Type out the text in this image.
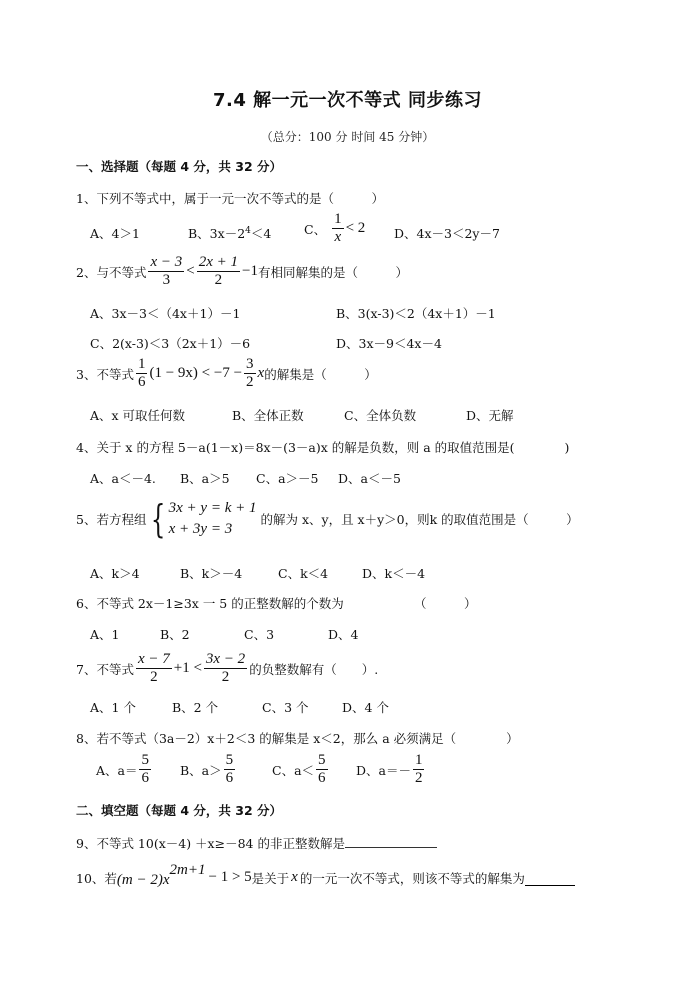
7.4 解一元一次不等式 同步练习
（总分：100 分 时间 45 分钟）
一、选择题（每题 4 分，共 32 分）
1、下列不等式中，属于一元一次不等式的是（　　　）
A、4＞1	B、$3x-2^4<4$	C、 $\frac{1}{x} < 2$ D、4x－3＜2y－7
2、与不等式 $\frac{x - 3}{3} < \frac{2x + 1}{2} -1$ 有相同解集的是（　　　）
A、3x－3＜（4x＋1）－1	B、3(x-3)＜2（4x＋1）－1
C、2(x-3)＜3（2x＋1）－6	D、3x－9＜4x－4
3、不等式 $\frac{1}{6} (1 - 9x) < -7 - \frac{3}{2}$ x 的解集是（　　　）
A、x 可取任何数	B、全体正数	C、全体负数	D、无解
4、关于 x 的方程 5－a(1－x)＝8x－(3－a)x 的解是负数，则 a 的取值范围是(　　　　)
A、a＜－4. B、a＞5 C、a＞－5 D、a＜－5
5、若方程组 { 3x + y = k + 1
x + 3y = 3
的解为 x、y，且 x＋y＞0，则k 的取值范围是（　　　）
A、k＞4	B、k＞－4	C、k＜4	D、k＜－4
6、不等式 2x－1≥3x 一 5 的正整数解的个数为	（　　　）
A、1	B、2	C、3	D、4
7、不等式 $\frac{x - 7}{2} +1 < \frac{3x - 2}{2}$ 的负整数解有（　　）.
A、1 个	B、2 个	C、3 个	D、4 个
8、若不等式（3a－2）x＋2＜3 的解集是 x＜2，那么 a 必须满足（　　　　）
A、$a= \frac{5}{6}$ B、$a> \frac{5}{6}$	C、$a< \frac{5}{6}$ D、$a=- \frac{1}{2}$
二、填空题（每题 4 分，共 32 分）
9、不等式 10(x－4) ＋x≥－84 的非正整数解是
10、若 $(m - 2)x^{2m+1} - 1 > 5$ 是关于 x 的一元一次不等式，则该不等式的解集为
